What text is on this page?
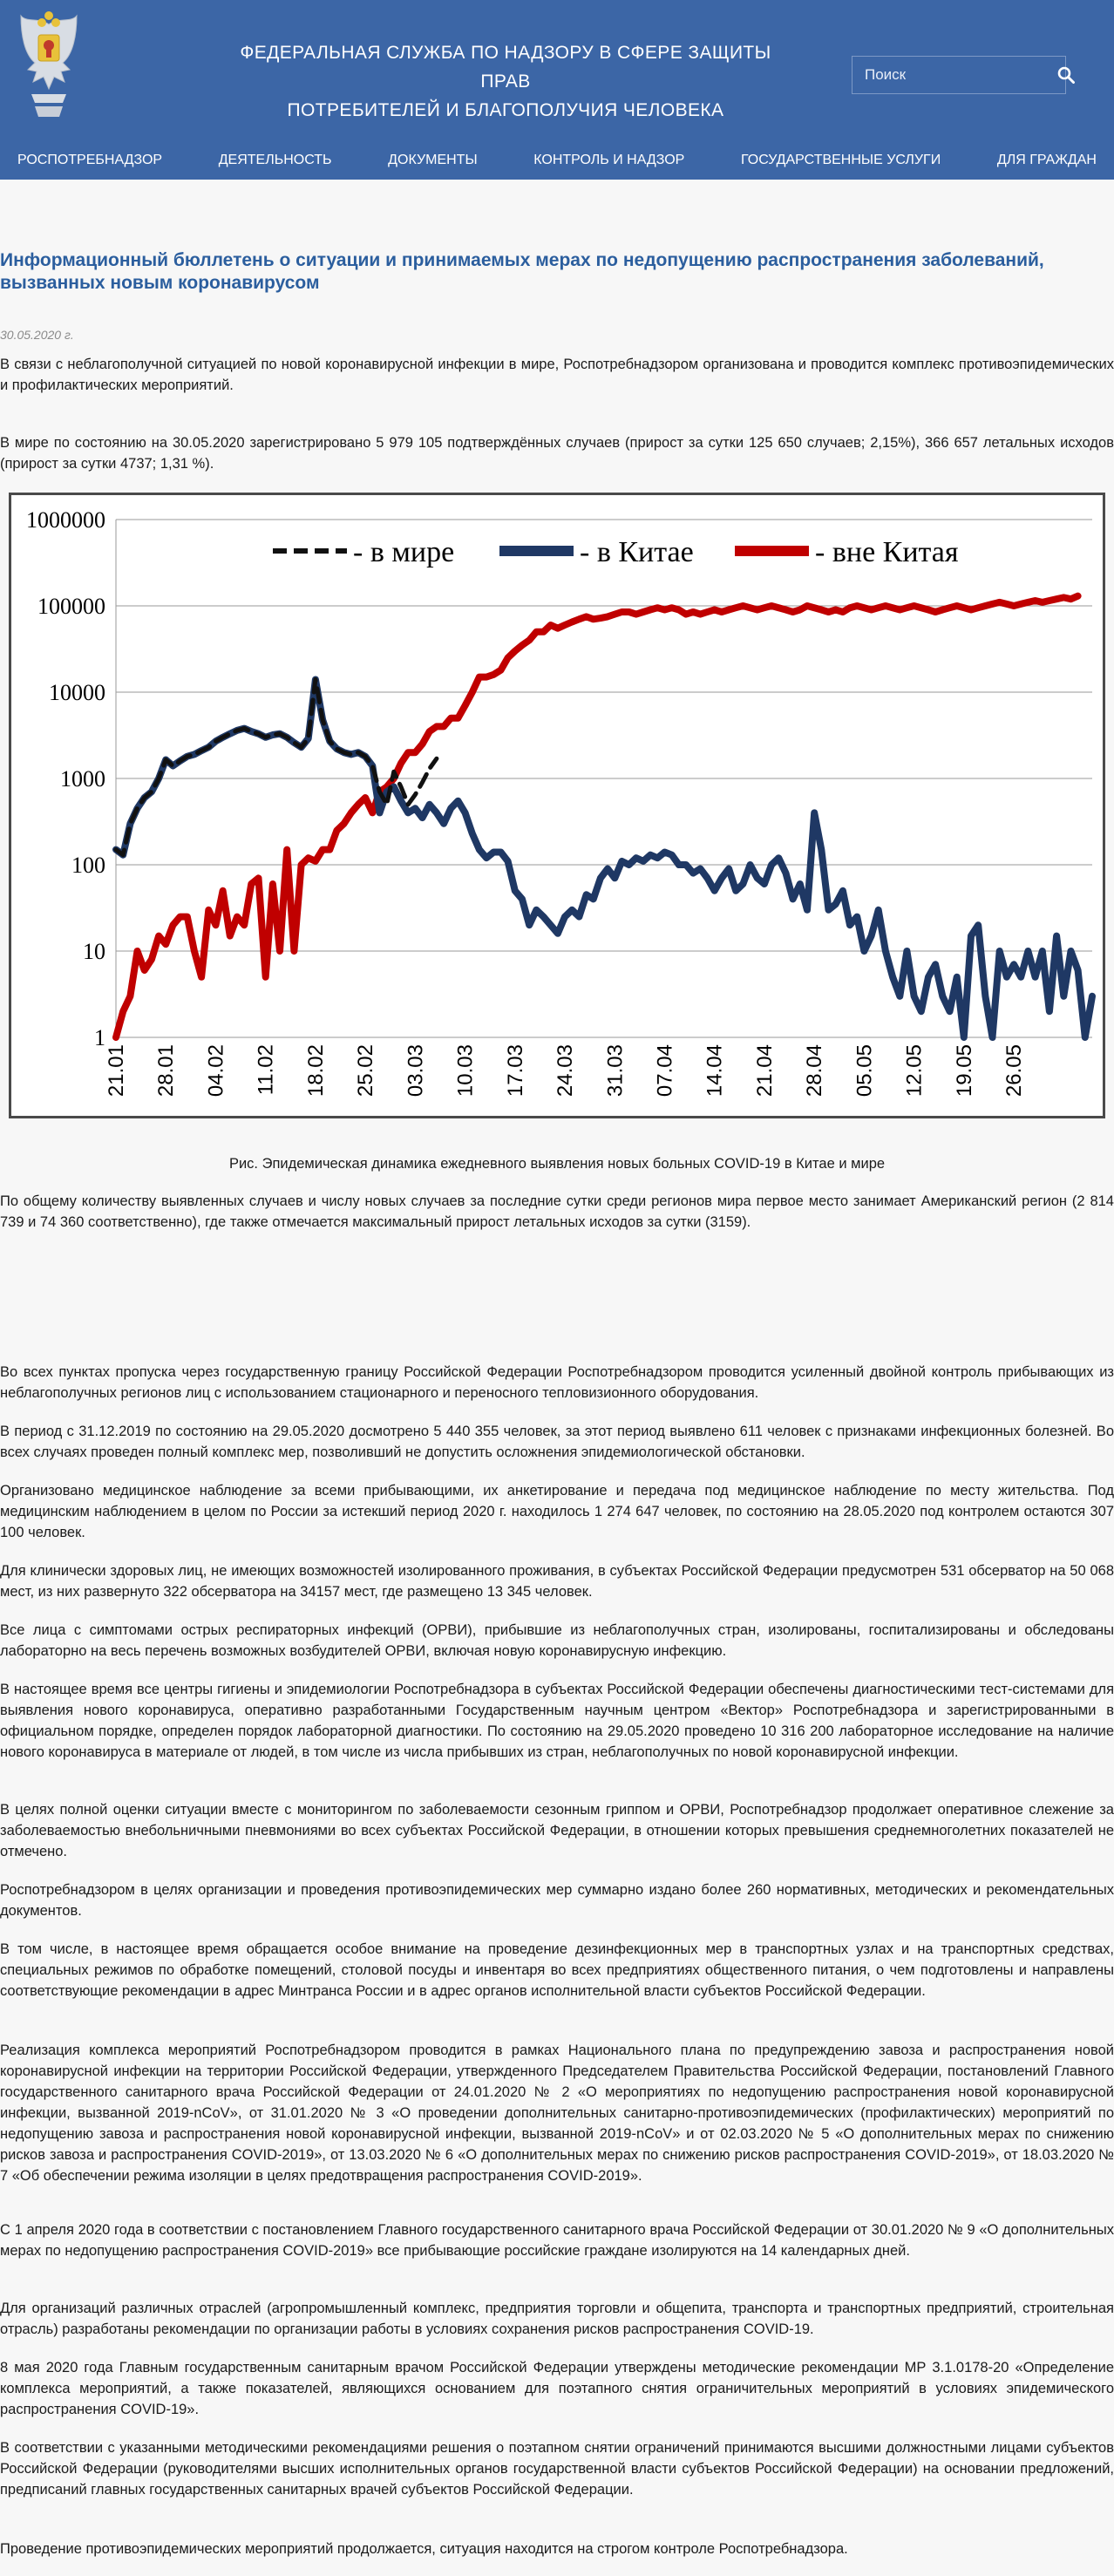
ФЕДЕРАЛЬНАЯ СЛУЖБА ПО НАДЗОРУ В СФЕРЕ ЗАЩИТЫ ПРАВ
ПОТРЕБИТЕЛЕЙ И БЛАГОПОЛУЧИЯ ЧЕЛОВЕКА
Поиск
РОСПОТРЕБНАДЗОР	ДЕЯТЕЛЬНОСТЬ	ДОКУМЕНТЫ	КОНТРОЛЬ И НАДЗОР	ГОСУДАРСТВЕННЫЕ УСЛУГИ	ДЛЯ ГРАЖДАН
Информационный бюллетень о ситуации и принимаемых мерах по недопущению распространения заболеваний, вызванных новым коронавирусом
30.05.2020 г.

В связи с неблагополучной ситуацией по новой коронавирусной инфекции в мире, Роспотребнадзором организована и проводится комплекс противоэпидемических и профилактических мероприятий.

В мире по состоянию на 30.05.2020 зарегистрировано 5 979 105 подтверждённых случаев (прирост за сутки 125 650 случаев; 2,15%), 366 657 летальных исходов (прирост за сутки 4737; 1,31 %).

1
10
100
1000
10000
100000
1000000
21.01 28.01 04.02 11.02 18.02 25.02 03.03 10.03 17.03 24.03 31.03 07.04 14.04 21.04 28.04 05.05 12.05 19.05 26.05
- в мире	- в Китае	- вне Китая
Рис. Эпидемическая динамика ежедневного выявления новых больных COVID-19 в Китае и мире

По общему количеству выявленных случаев и числу новых случаев за последние сутки среди регионов мира первое место занимает Американский регион (2 814 739 и 74 360 соответственно), где также отмечается максимальный прирост летальных исходов за сутки (3159).

Во всех пунктах пропуска через государственную границу Российской Федерации Роспотребнадзором проводится усиленный двойной контроль прибывающих из неблагополучных регионов лиц с использованием стационарного и переносного тепловизионного оборудования.

В период с 31.12.2019 по состоянию на 29.05.2020 досмотрено 5 440 355 человек, за этот период выявлено 611 человек с признаками инфекционных болезней. Во всех случаях проведен полный комплекс мер, позволивший не допустить осложнения эпидемиологической обстановки.

Организовано медицинское наблюдение за всеми прибывающими, их анкетирование и передача под медицинское наблюдение по месту жительства. Под медицинским наблюдением в целом по России за истекший период 2020 г. находилось 1 274 647 человек, по состоянию на 28.05.2020 под контролем остаются 307 100 человек.

Для клинически здоровых лиц, не имеющих возможностей изолированного проживания, в субъектах Российской Федерации предусмотрен 531 обсерватор на 50 068 мест, из них развернуто 322 обсерватора на 34157 мест, где размещено 13 345 человек.

Все лица с симптомами острых респираторных инфекций (ОРВИ), прибывшие из неблагополучных стран, изолированы, госпитализированы и обследованы лабораторно на весь перечень возможных возбудителей ОРВИ, включая новую коронавирусную инфекцию.

В настоящее время все центры гигиены и эпидемиологии Роспотребнадзора в субъектах Российской Федерации обеспечены диагностическими тест-системами для выявления нового коронавируса, оперативно разработанными Государственным научным центром «Вектор» Роспотребнадзора и зарегистрированными в официальном порядке, определен порядок лабораторной диагностики. По состоянию на 29.05.2020 проведено 10 316 200 лабораторное исследование на наличие нового коронавируса в материале от людей, в том числе из числа прибывших из стран, неблагополучных по новой коронавирусной инфекции.

В целях полной оценки ситуации вместе с мониторингом по заболеваемости сезонным гриппом и ОРВИ, Роспотребнадзор продолжает оперативное слежение за заболеваемостью внебольничными пневмониями во всех субъектах Российской Федерации, в отношении которых превышения среднемноголетних показателей не отмечено.

Роспотребнадзором в целях организации и проведения противоэпидемических мер суммарно издано более 260 нормативных, методических и рекомендательных документов.

В том числе, в настоящее время обращается особое внимание на проведение дезинфекционных мер в транспортных узлах и на транспортных средствах, специальных режимов по обработке помещений, столовой посуды и инвентаря во всех предприятиях общественного питания, о чем подготовлены и направлены соответствующие рекомендации в адрес Минтранса России и в адрес органов исполнительной власти субъектов Российской Федерации.

Реализация комплекса мероприятий Роспотребнадзором проводится в рамках Национального плана по предупреждению завоза и распространения новой коронавирусной инфекции на территории Российской Федерации, утвержденного Председателем Правительства Российской Федерации, постановлений Главного государственного санитарного врача Российской Федерации от 24.01.2020 № 2 «О мероприятиях по недопущению распространения новой коронавирусной инфекции, вызванной 2019-nCoV», от 31.01.2020 № 3 «О проведении дополнительных санитарно-противоэпидемических (профилактических) мероприятий по недопущению завоза и распространения новой коронавирусной инфекции, вызванной 2019-nCoV» и от 02.03.2020 № 5 «О дополнительных мерах по снижению рисков завоза и распространения COVID-2019», от 13.03.2020 № 6 «О дополнительных мерах по снижению рисков распространения COVID-2019», от 18.03.2020 № 7 «Об обеспечении режима изоляции в целях предотвращения распространения COVID-2019».

С 1 апреля 2020 года в соответствии с постановлением Главного государственного санитарного врача Российской Федерации от 30.01.2020 № 9 «О дополнительных мерах по недопущению распространения COVID-2019» все прибывающие российские граждане изолируются на 14 календарных дней.

Для организаций различных отраслей (агропромышленный комплекс, предприятия торговли и общепита, транспорта и транспортных предприятий, строительная отрасль) разработаны рекомендации по организации работы в условиях сохранения рисков распространения COVID-19.

8 мая 2020 года Главным государственным санитарным врачом Российской Федерации утверждены методические рекомендации МР 3.1.0178-20 «Определение комплекса мероприятий, а также показателей, являющихся основанием для поэтапного снятия ограничительных мероприятий в условиях эпидемического распространения COVID-19».

В соответствии с указанными методическими рекомендациями решения о поэтапном снятии ограничений принимаются высшими должностными лицами субъектов Российской Федерации (руководителями высших исполнительных органов государственной власти субъектов Российской Федерации) на основании предложений, предписаний главных государственных санитарных врачей субъектов Российской Федерации.

Проведение противоэпидемических мероприятий продолжается, ситуация находится на строгом контроле Роспотребнадзора.
